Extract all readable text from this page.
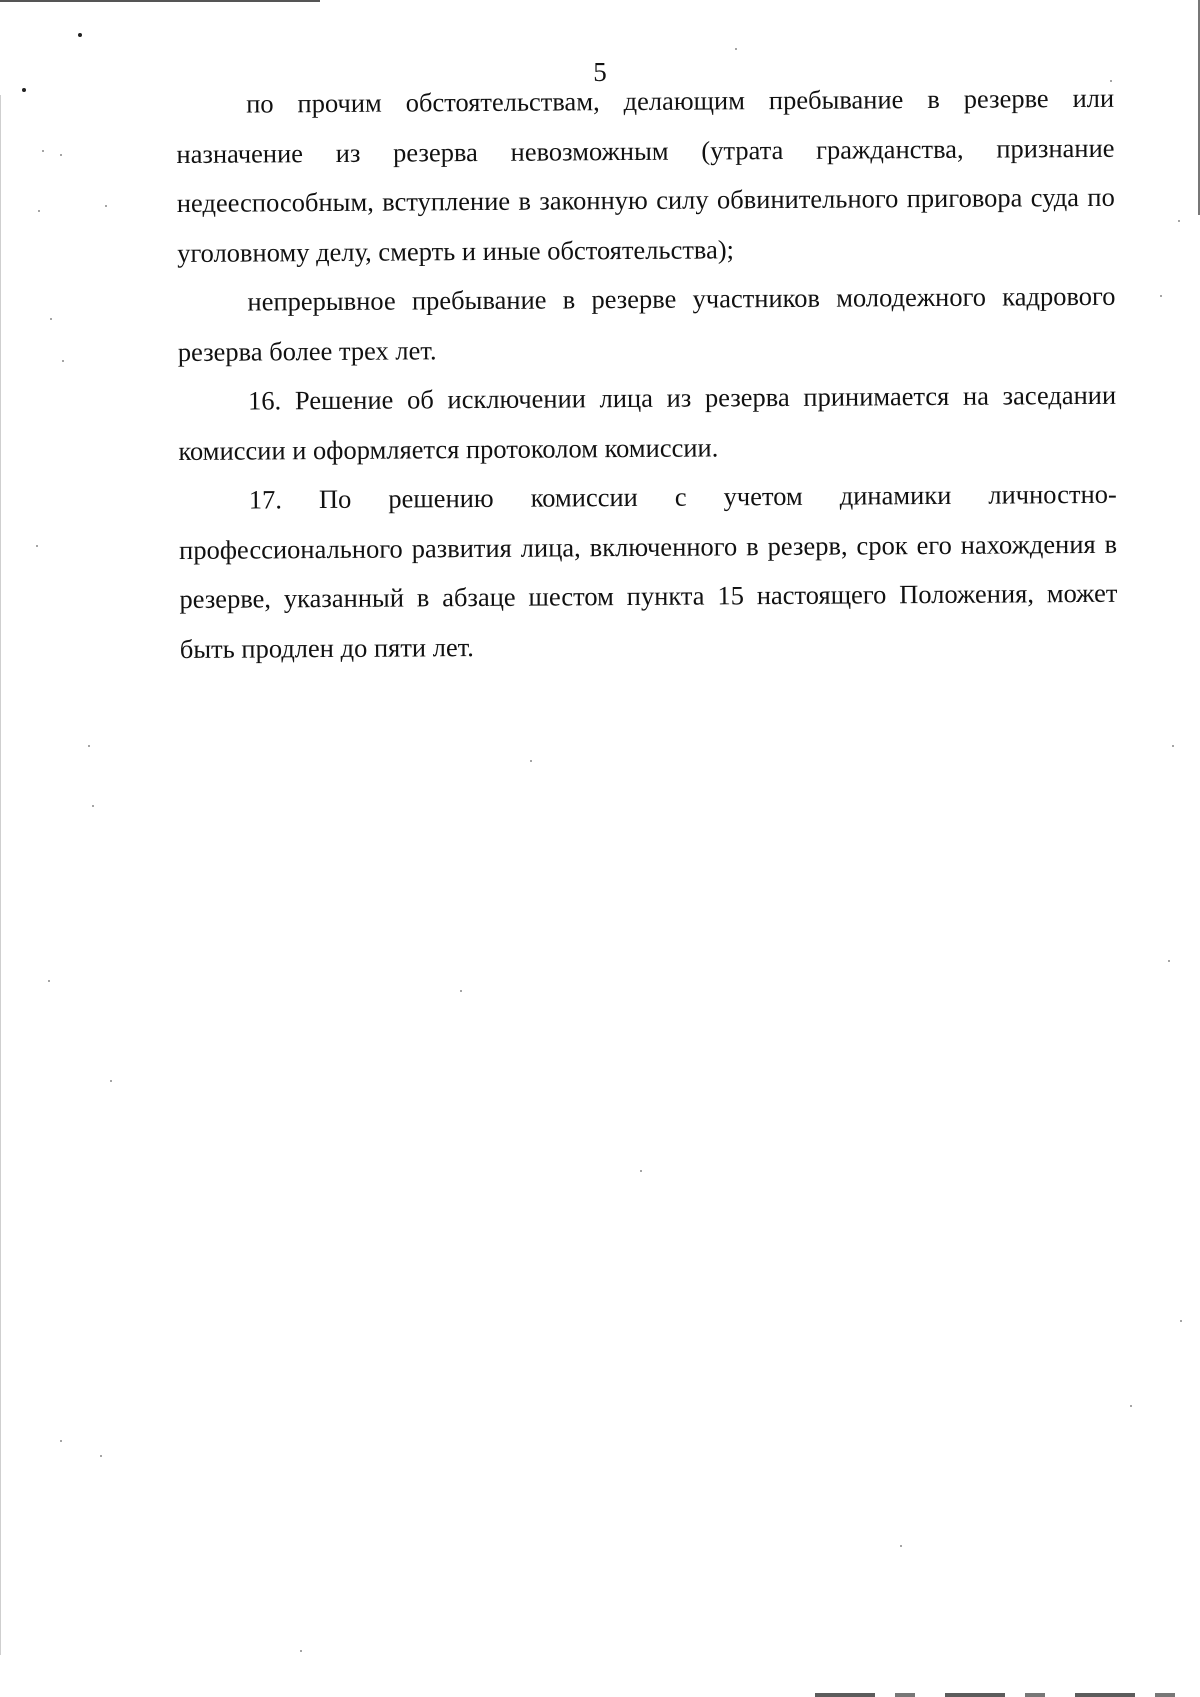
5

по прочим обстоятельствам, делающим пребывание в резерве или назначение из резерва невозможным (утрата гражданства, признание недееспособным, вступление в законную силу обвинительного приговора суда по уголовному делу, смерть и иные обстоятельства);

непрерывное пребывание в резерве участников молодежного кадрового резерва более трех лет.

16. Решение об исключении лица из резерва принимается на заседании комиссии и оформляется протоколом комиссии.

17. По решению комиссии с учетом динамики личностно-профессионального развития лица, включенного в резерв, срок его нахождения в резерве, указанный в абзаце шестом пункта 15 настоящего Положения, может быть продлен до пяти лет.
